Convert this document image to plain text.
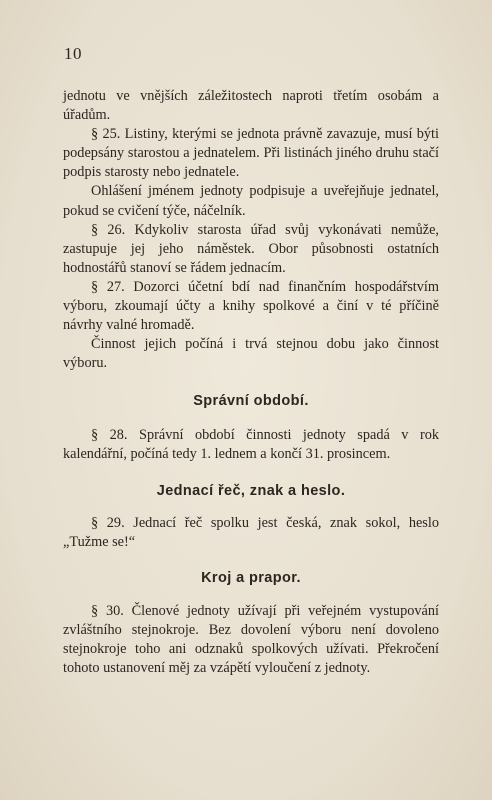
10

jednotu ve vnějších záležitostech naproti třetím osobám a úřadům.

§ 25. Listiny, kterými se jednota právně zavazuje, musí býti podepsány starostou a jednatelem. Při listinách jiného druhu stačí podpis starosty nebo jednatele.

Ohlášení jménem jednoty podpisuje a uveřejňuje jednatel, pokud se cvičení týče, náčelník.

§ 26. Kdykoliv starosta úřad svůj vykonávati nemůže, zastupuje jej jeho náměstek. Obor působnosti ostatních hodnostářů stanoví se řádem jednacím.

§ 27. Dozorci účetní bdí nad finančním hospodářstvím výboru, zkoumají účty a knihy spolkové a činí v té příčině návrhy valné hromadě.

Činnost jejich počíná i trvá stejnou dobu jako činnost výboru.

Správní období.

§ 28. Správní období činnosti jednoty spadá v rok kalendářní, počíná tedy 1. lednem a končí 31. prosincem.

Jednací řeč, znak a heslo.

§ 29. Jednací řeč spolku jest česká, znak sokol, heslo „Tužme se!“

Kroj a prapor.

§ 30. Členové jednoty užívají při veřejném vystupování zvláštního stejnokroje. Bez dovolení výboru není dovoleno stejnokroje toho ani odznaků spolkových užívati. Překročení tohoto ustanovení měj za vzápětí vyloučení z jednoty.
